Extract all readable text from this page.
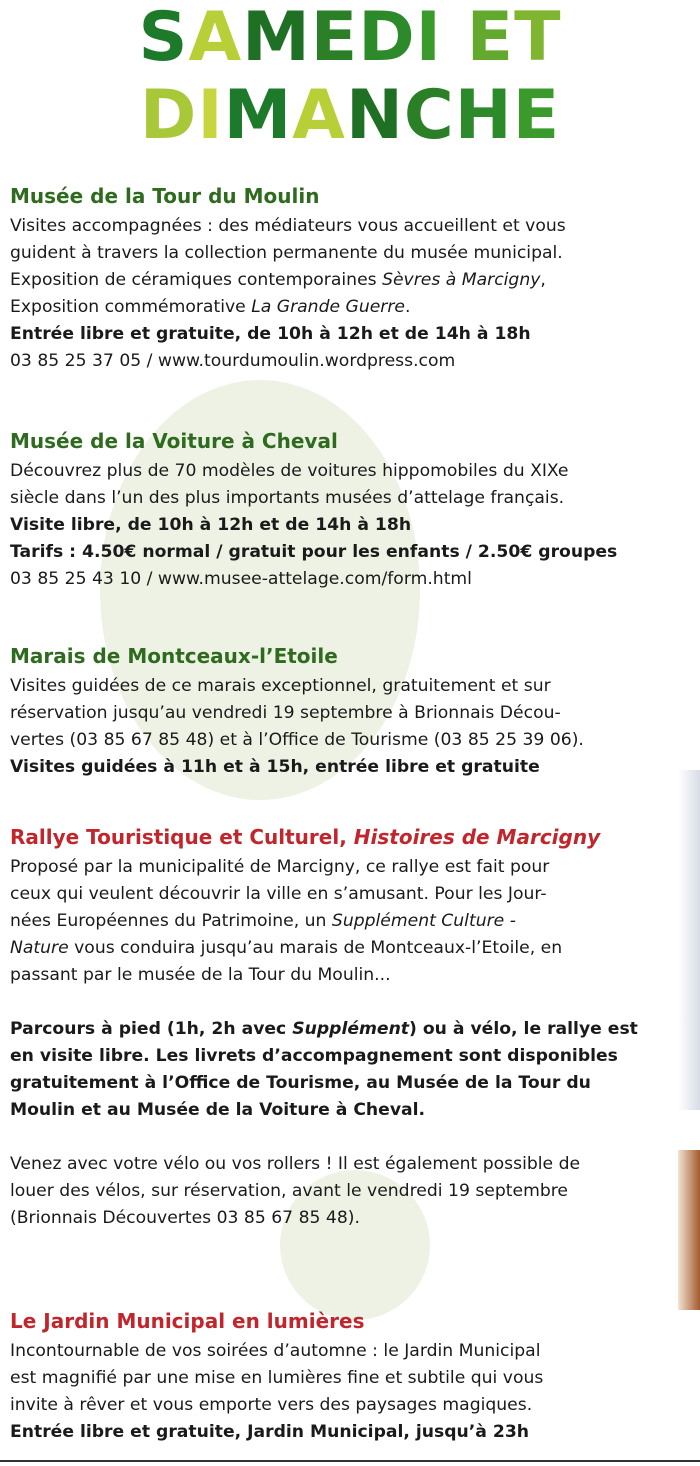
SAMEDI ET
DIMANCHE

Musée de la Tour du Moulin

Visites accompagnées : des médiateurs vous accueillent et vous
guident à travers la collection permanente du musée municipal.
Exposition de céramiques contemporaines Sèvres à Marcigny,
Exposition commémorative La Grande Guerre.
Entrée libre et gratuite, de 10h à 12h et de 14h à 18h
03 85 25 37 05 / www.tourdumoulin.wordpress.com

Musée de la Voiture à Cheval

Découvrez plus de 70 modèles de voitures hippomobiles du XIXe
siècle dans l’un des plus importants musées d’attelage français.
Visite libre, de 10h à 12h et de 14h à 18h
Tarifs : 4.50€ normal / gratuit pour les enfants / 2.50€ groupes
03 85 25 43 10 / www.musee-attelage.com/form.html

Marais de Montceaux-l’Etoile

Visites guidées de ce marais exceptionnel, gratuitement et sur
réservation jusqu’au vendredi 19 septembre à Brionnais Décou-
vertes (03 85 67 85 48) et à l’Office de Tourisme (03 85 25 39 06).
Visites guidées à 11h et à 15h, entrée libre et gratuite

Rallye Touristique et Culturel, Histoires de Marcigny

Proposé par la municipalité de Marcigny, ce rallye est fait pour
ceux qui veulent découvrir la ville en s’amusant. Pour les Jour-
nées Européennes du Patrimoine, un Supplément Culture -
Nature vous conduira jusqu’au marais de Montceaux-l’Etoile, en
passant par le musée de la Tour du Moulin...

Parcours à pied (1h, 2h avec Supplément) ou à vélo, le rallye est
en visite libre. Les livrets d’accompagnement sont disponibles
gratuitement à l’Office de Tourisme, au Musée de la Tour du
Moulin et au Musée de la Voiture à Cheval.

Venez avec votre vélo ou vos rollers ! Il est également possible de
louer des vélos, sur réservation, avant le vendredi 19 septembre
(Brionnais Découvertes 03 85 67 85 48).

Le Jardin Municipal en lumières

Incontournable de vos soirées d’automne : le Jardin Municipal
est magnifié par une mise en lumières fine et subtile qui vous
invite à rêver et vous emporte vers des paysages magiques.
Entrée libre et gratuite, Jardin Municipal, jusqu’à 23h
